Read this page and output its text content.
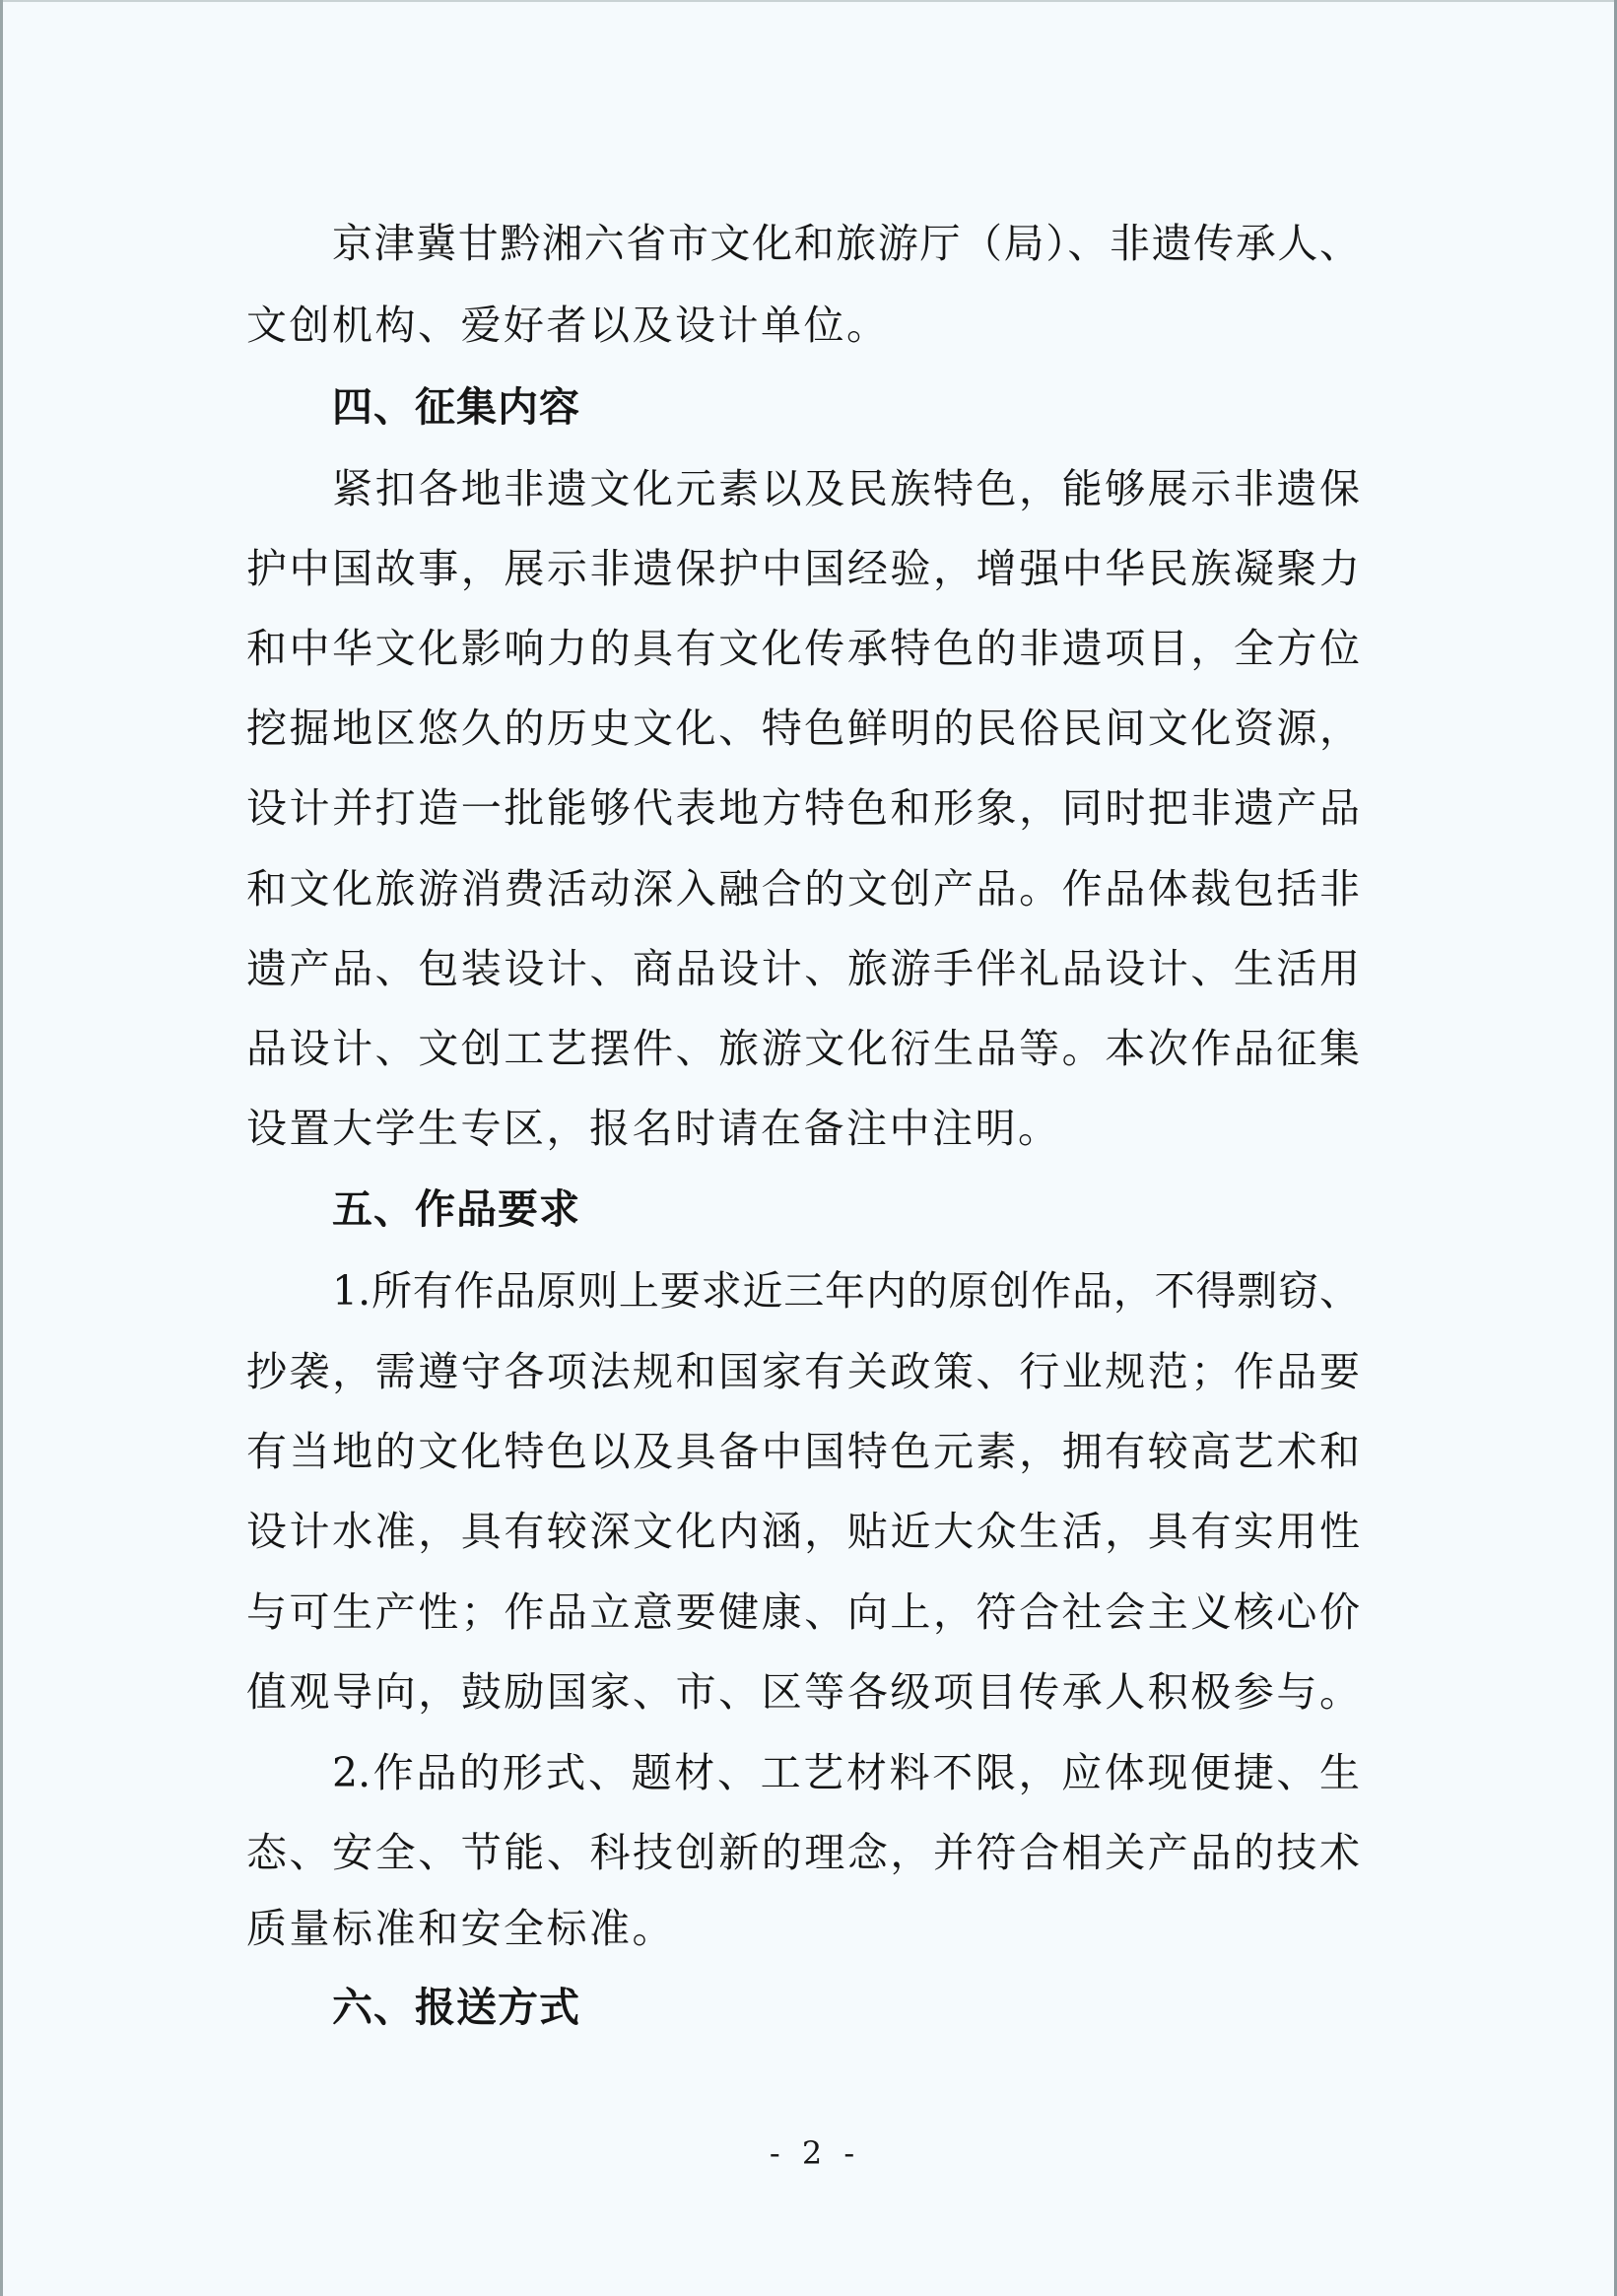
京津冀甘黔湘六省市文化和旅游厅（局）、非遗传承人、
文创机构、爱好者以及设计单位。
四、征集内容
紧扣各地非遗文化元素以及民族特色，能够展示非遗保
护中国故事，展示非遗保护中国经验，增强中华民族凝聚力
和中华文化影响力的具有文化传承特色的非遗项目，全方位
挖掘地区悠久的历史文化、特色鲜明的民俗民间文化资源，
设计并打造一批能够代表地方特色和形象，同时把非遗产品
和文化旅游消费活动深入融合的文创产品。作品体裁包括非
遗产品、包装设计、商品设计、旅游手伴礼品设计、生活用
品设计、文创工艺摆件、旅游文化衍生品等。本次作品征集
设置大学生专区，报名时请在备注中注明。
五、作品要求
1.所有作品原则上要求近三年内的原创作品，不得剽窃、
抄袭，需遵守各项法规和国家有关政策、行业规范；作品要
有当地的文化特色以及具备中国特色元素，拥有较高艺术和
设计水准，具有较深文化内涵，贴近大众生活，具有实用性
与可生产性；作品立意要健康、向上，符合社会主义核心价
值观导向，鼓励国家、市、区等各级项目传承人积极参与。
2.作品的形式、题材、工艺材料不限，应体现便捷、生
态、安全、节能、科技创新的理念，并符合相关产品的技术
质量标准和安全标准。
六、报送方式
- 2 -
